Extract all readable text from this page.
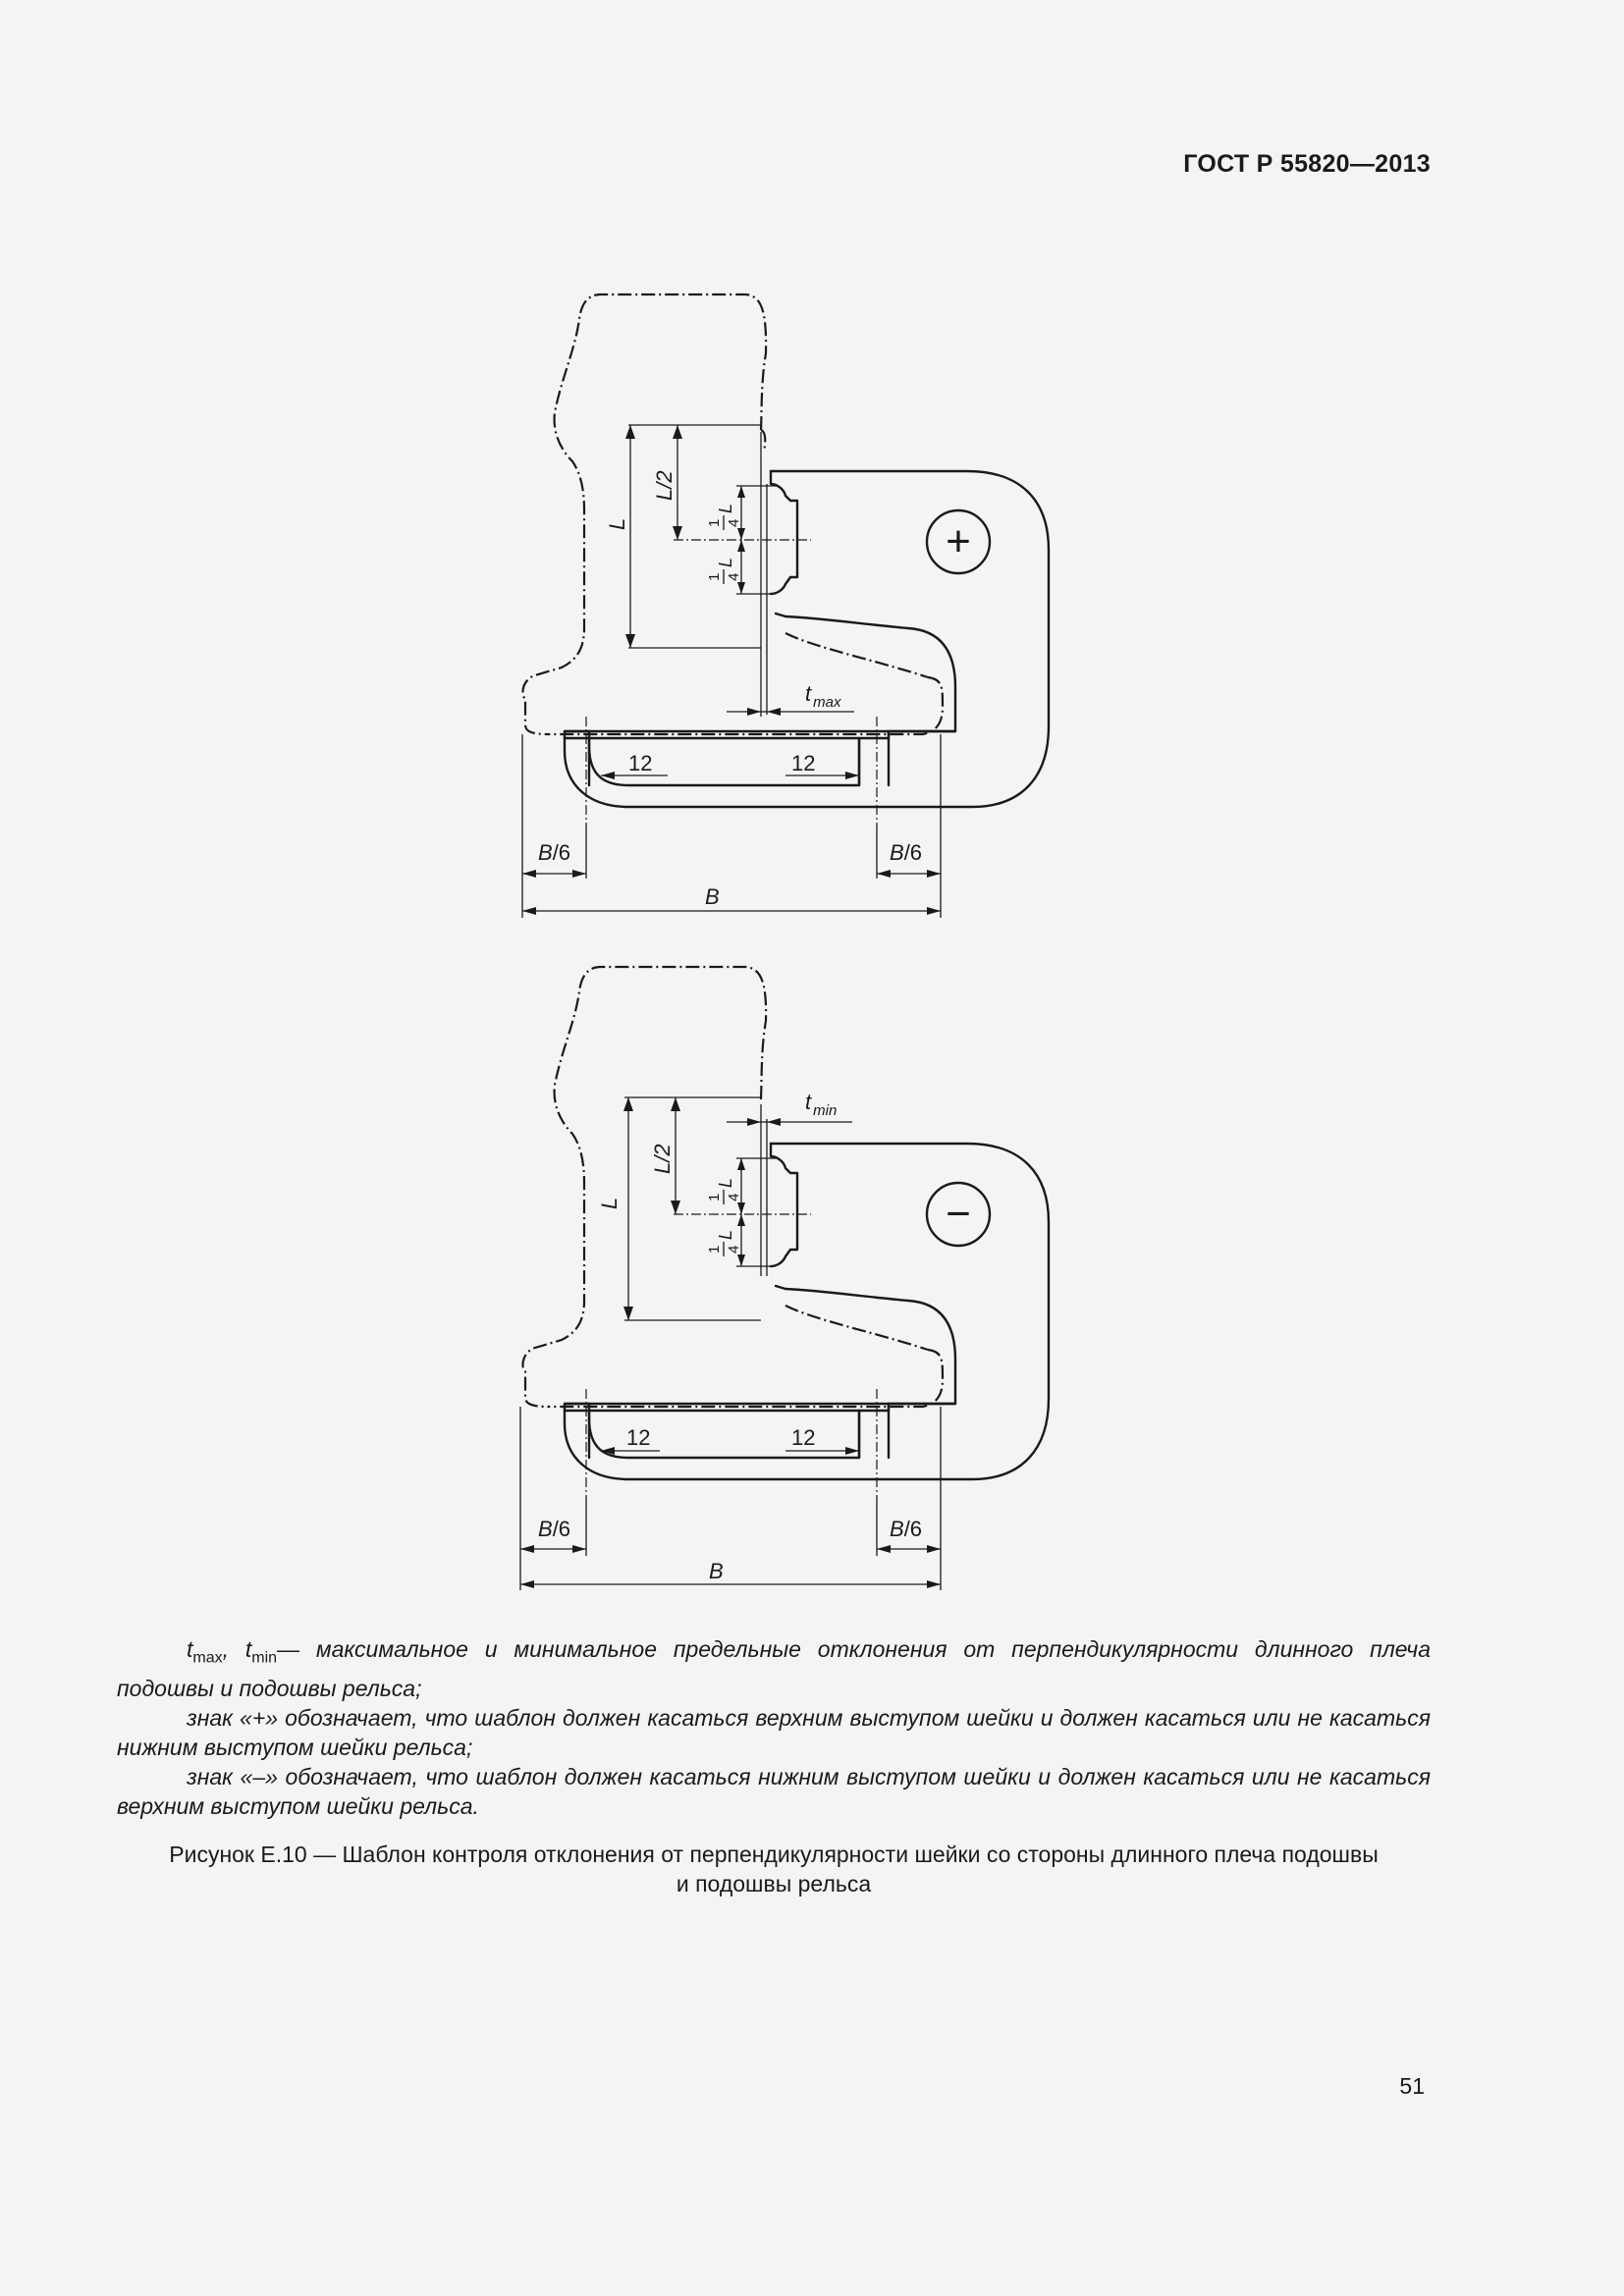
ГОСТ Р 55820—2013
L
L/2
1 4
L
1 4
L
t $_{max}$
12	12
B/6	B/6
B
+
L
L/2
1 4
L
1 4
L
t $_{min}$
12	12
B/6	B/6
B
−

$t_{max}$, $t_{min}—$ максимальное и минимальное предельные отклонения от перпендикулярности длинного плеча подошвы и подошвы рельса;

знак «+» обозначает, что шаблон должен касаться верхним выступом шейки и должен касаться или не касаться нижним выступом шейки рельса;

знак «–» обозначает, что шаблон должен касаться нижним выступом шейки и должен касаться или не касаться верхним выступом шейки рельса.

Рисунок Е.10 — Шаблон контроля отклонения от перпендикулярности шейки со стороны длинного плеча подошвы
и подошвы рельса
51
